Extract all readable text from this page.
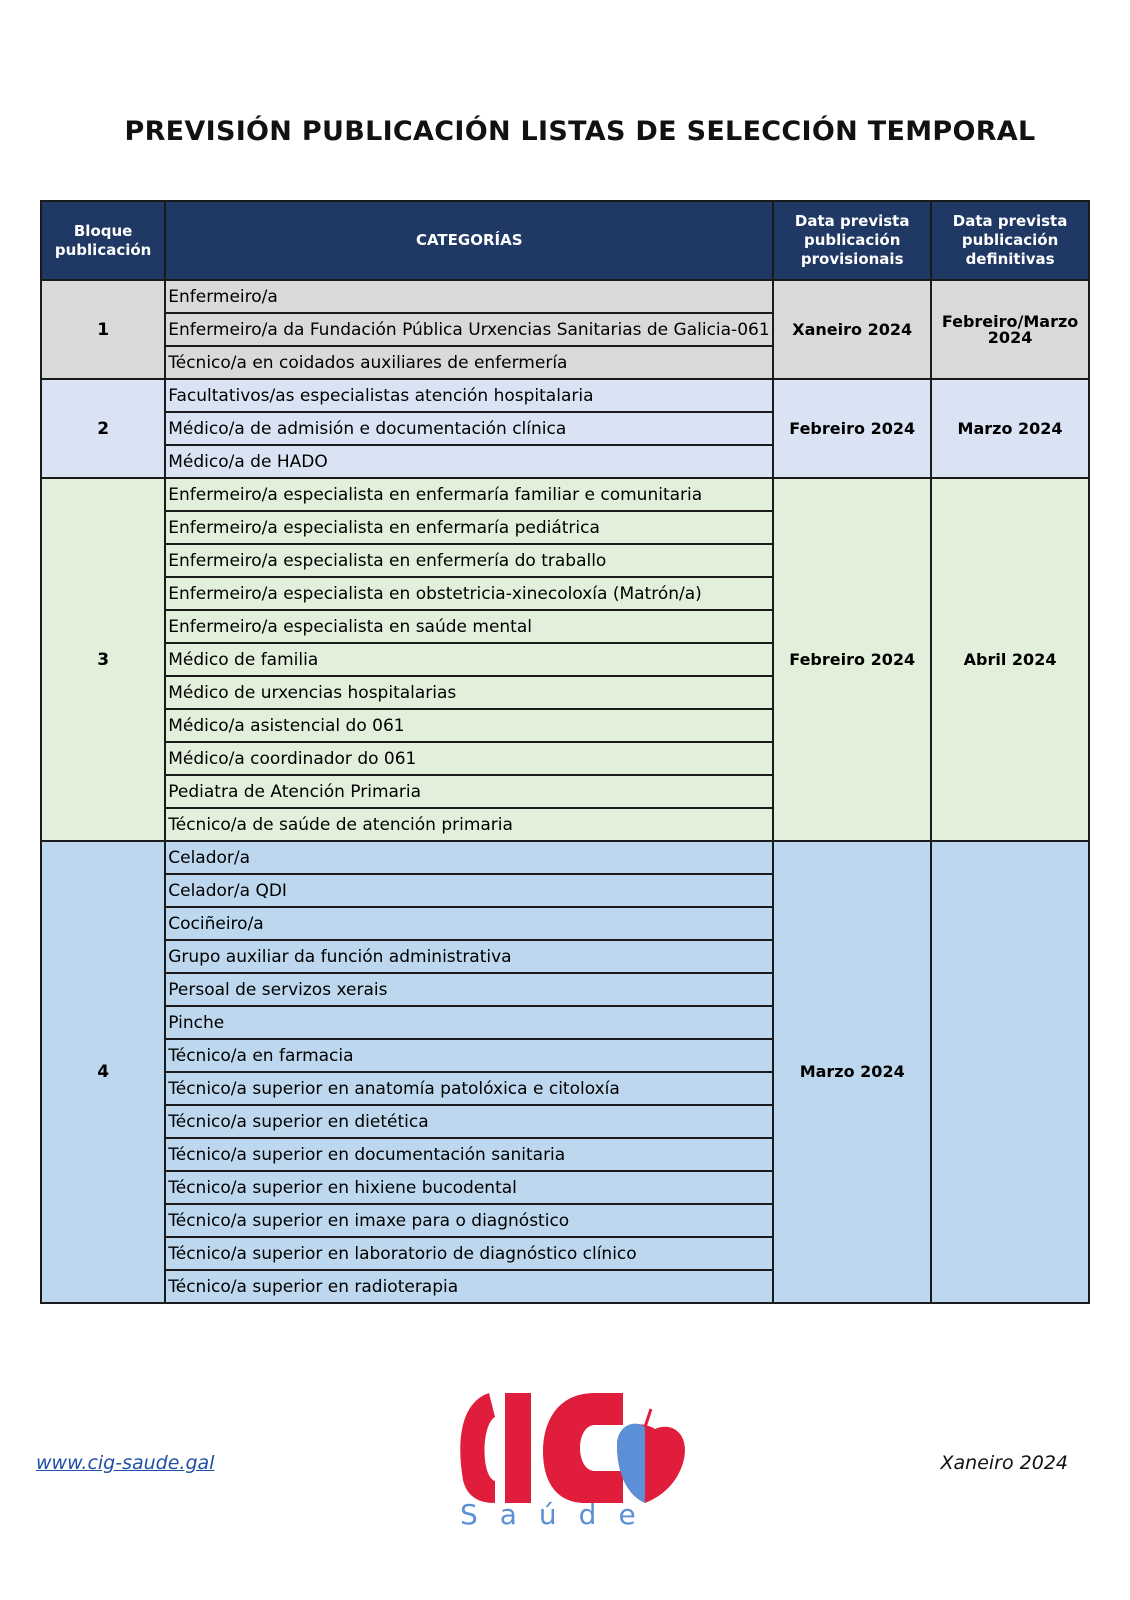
PREVISIÓN PUBLICACIÓN LISTAS DE SELECCIÓN TEMPORAL
Bloque publicación	CATEGORÍAS	Data prevista publicación provisionais	Data prevista publicación definitivas
1	Enfermeiro/a	Xaneiro 2024	Febreiro/Marzo 2024
	Enfermeiro/a da Fundación Pública Urxencias Sanitarias de Galicia-061		
	Técnico/a en coidados auxiliares de enfermería		
2	Facultativos/as especialistas atención hospitalaria	Febreiro 2024	Marzo 2024
	Médico/a de admisión e documentación clínica		
	Médico/a de HADO		
3	Enfermeiro/a especialista en enfermaría familiar e comunitaria	Febreiro 2024	Abril 2024
	Enfermeiro/a especialista en enfermaría pediátrica		
	Enfermeiro/a especialista en enfermería do traballo		
	Enfermeiro/a especialista en obstetricia-xinecoloxía (Matrón/a)		
	Enfermeiro/a especialista en saúde mental		
	Médico de familia		
	Médico de urxencias hospitalarias		
	Médico/a asistencial do 061		
	Médico/a coordinador do 061		
	Pediatra de Atención Primaria		
	Técnico/a de saúde de atención primaria		
4	Celador/a	Marzo 2024	
	Celador/a QDI		
	Cociñeiro/a		
	Grupo auxiliar da función administrativa		
	Persoal de servizos xerais		
	Pinche		
	Técnico/a en farmacia		
	Técnico/a superior en anatomía patolóxica e citoloxía		
	Técnico/a superior en dietética		
	Técnico/a superior en documentación sanitaria		
	Técnico/a superior en hixiene bucodental		
	Técnico/a superior en imaxe para o diagnóstico		
	Técnico/a superior en laboratorio de diagnóstico clínico		
	Técnico/a superior en radioterapia		
www.cig-saude.gal
Saúde
Xaneiro 2024
